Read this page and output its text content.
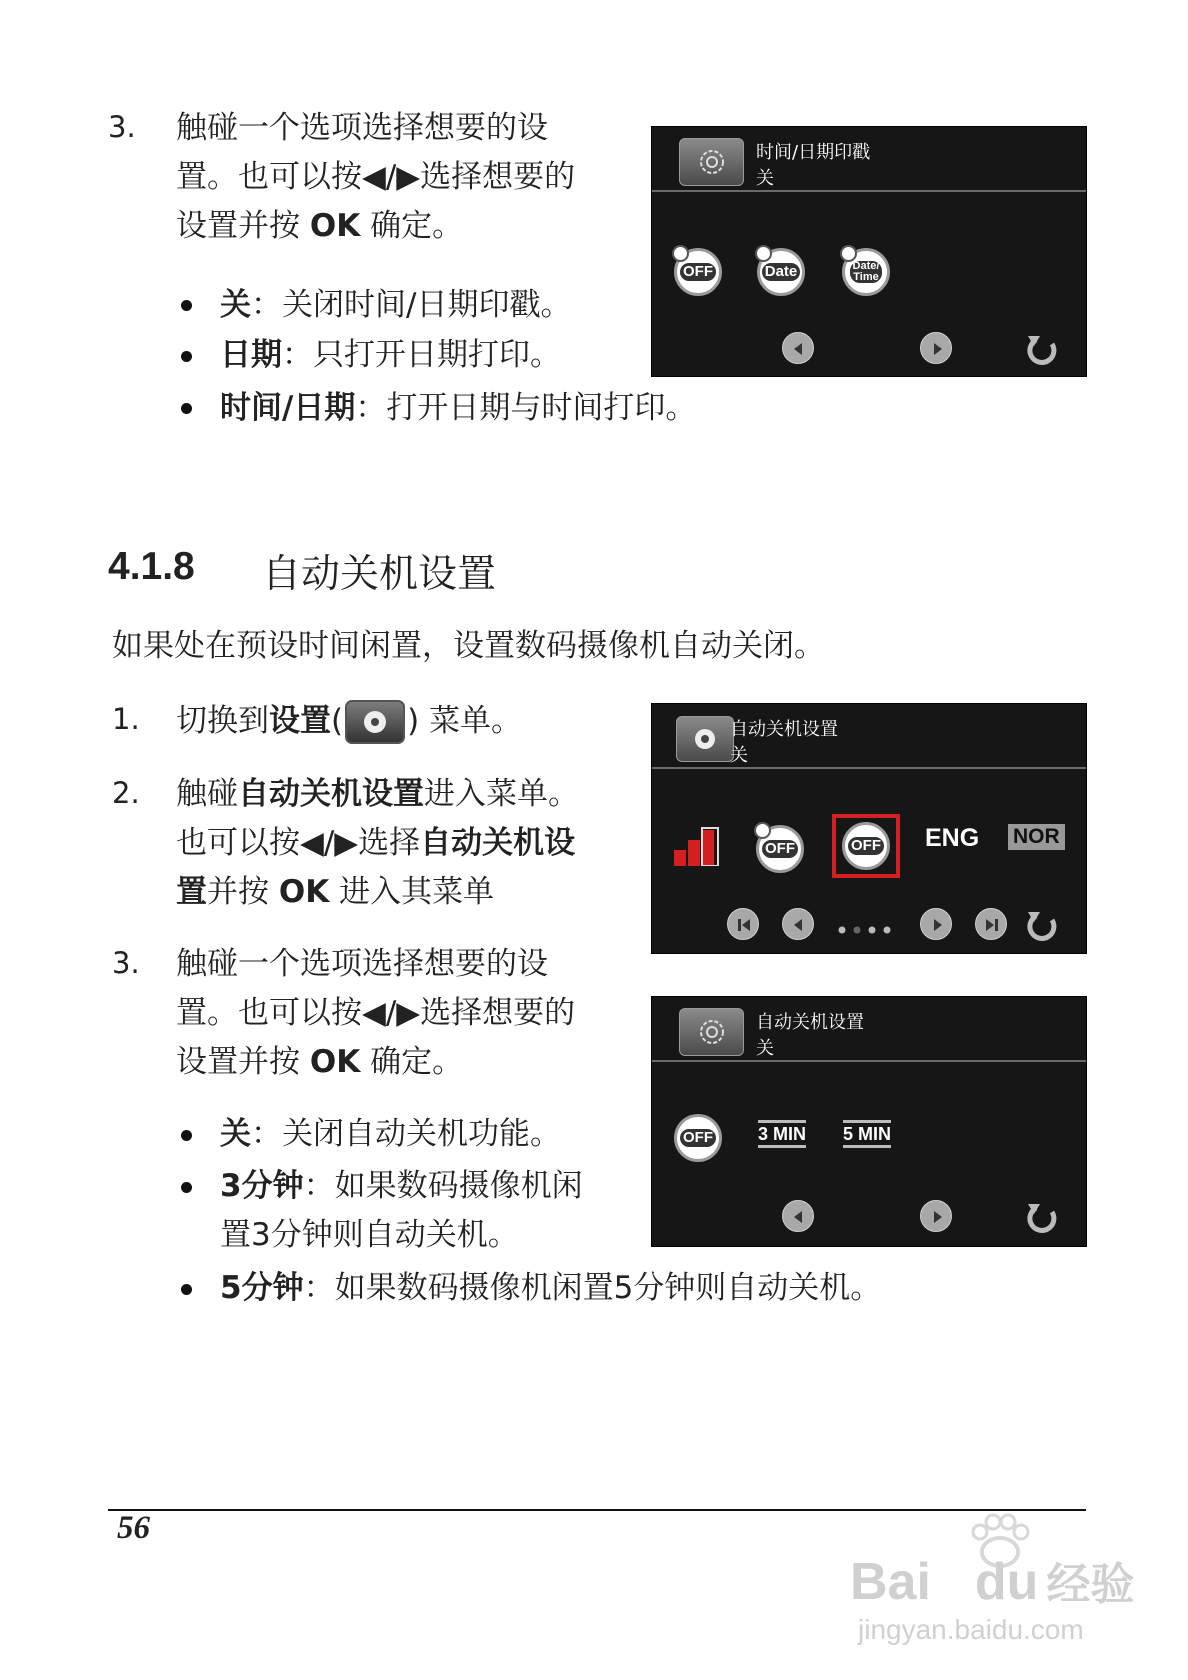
3. 触碰一个选项选择想要的设
置。也可以按◀/▶选择想要的
设置并按 OK 确定。
关：关闭时间/日期印戳。
日期：只打开日期打印。
时间/日期：打开日期与时间打印。
时间/日期印戳
关
OFF	Date	Date/
Time
4.1.8 自动关机设置
如果处在预设时间闲置，设置数码摄像机自动关闭。
1. 切换到 设置 ( ) 菜单。
2. 触碰自动关机设置进入菜单。
也可以按◀/▶选择自动关机设
置并按 OK 进入其菜单
3. 触碰一个选项选择想要的设
置。也可以按◀/▶选择想要的
设置并按 OK 确定。
关：关闭自动关机功能。
3分钟：如果数码摄像机闲
置3分钟则自动关机。
5分钟：如果数码摄像机闲置5分钟则自动关机。
自动关机设置
关
OFF	OFF ENG NOR
自动关机设置
关
OFF	3 MIN 5 MIN
56
Bai du 经验
jingyan.baidu.com
